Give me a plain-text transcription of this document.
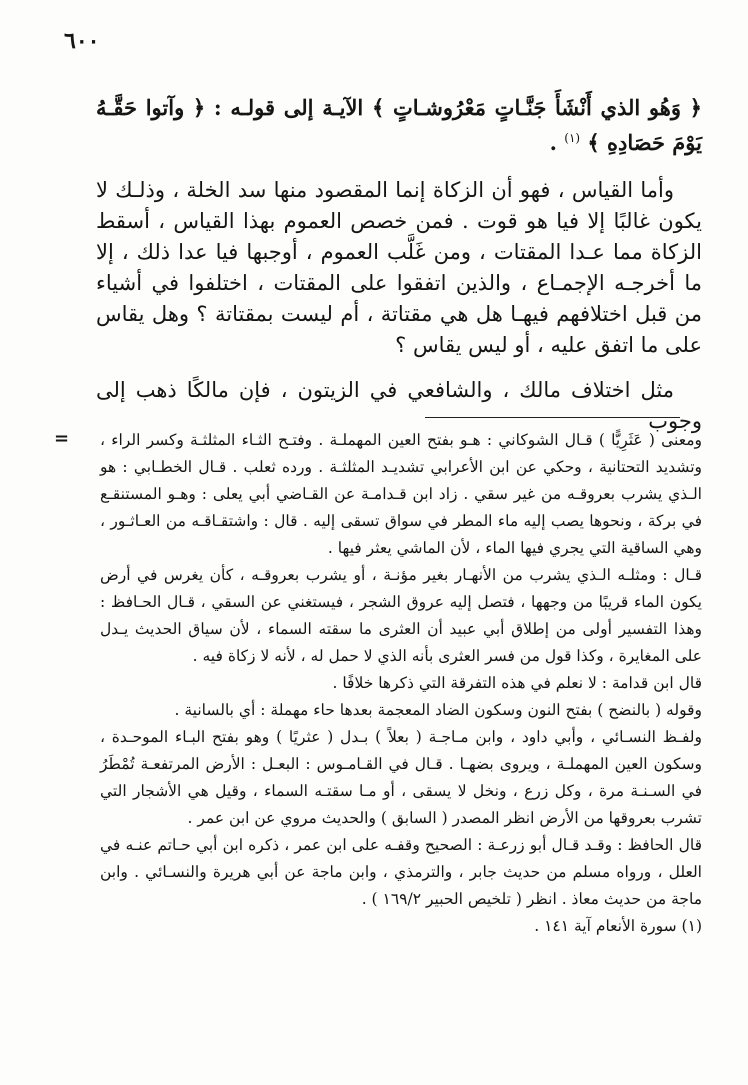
٦٠٠

﴿ وَهُو الذي أَنْشَأَ جَنَّـاتٍ مَعْرُوشـاتٍ ﴾ الآيـة إلى قولـه : ﴿ وآتوا حَقَّـهُ يَوْمَ حَصَادِهِ ﴾ $^{(١)}$ .

وأما القياس ، فهو أن الزكاة إنما المقصود منها سد الخلة ، وذلـك لا يكون غالبًا إلا فيا هو قوت . فمن خصص العموم بهذا القياس ، أسقط الزكاة مما عـدا المقتات ، ومن غَلَّب العموم ، أوجبها فيا عدا ذلك ، إلا ما أخرجـه الإجمـاع ، والذين اتفقوا على المقتات ، اختلفوا في أشياء من قبل اختلافهم فيهـا هل هي مقتاتة ، أم ليست بمقتاتة ؟ وهل يقاس على ما اتفق عليه ، أو ليس يقاس ؟

مثل اختلاف مالك ، والشافعي في الزيتون ، فإن مالكًا ذهب إلى وجوب

= ومعنى ( عَثَرِيًّا ) قـال الشوكاني : هـو بفتح العين المهملـة . وفتـح الثـاء المثلثـة وكسر الراء ، وتشديد التحتانية ، وحكي عن ابن الأعرابي تشديـد المثلثـة . ورده ثعلب . قـال الخطـابي : هو الـذي يشرب بعروقـه من غير سقي . زاد ابن قـدامـة عن القـاضي أبي يعلى : وهـو المستنقـع في بركة ، ونحوها يصب إليه ماء المطر في سواق تسقى إليه . قال : واشتقـاقـه من العـاثـور ، وهي الساقية التي يجري فيها الماء ، لأن الماشي يعثر فيها .

قـال : ومثلـه الـذي يشرب من الأنهـار بغير مؤنـة ، أو يشرب بعروقـه ، كأن يغرس في أرض يكون الماء قريبًا من وجهها ، فتصل إليه عروق الشجر ، فيستغني عن السقي ، قـال الحـافظ : وهذا التفسير أولى من إطلاق أبي عبيد أن العثرى ما سقته السماء ، لأن سياق الحديث يـدل على المغايرة ، وكذا قول من فسر العثرى بأنه الذي لا حمل له ، لأنه لا زكاة فيه .

قال ابن قدامة : لا نعلم في هذه التفرقة التي ذكرها خلافًا .

وقوله ( بالنضح ) بفتح النون وسكون الضاد المعجمة بعدها حاء مهملة : أي بالسانية .

ولفـظ النسـائي ، وأبي داود ، وابن مـاجـة ( بعلاً ) بـدل ( عثريًا ) وهو بفتح البـاء الموحـدة ، وسكون العين المهملـة ، ويروى بضهـا . قـال في القـامـوس : البعـل : الأرض المرتفعـة تُمْطَرُ في السـنـة مرة ، وكل زرع ، ونخل لا يسقى ، أو مـا سقتـه السماء ، وقيل هي الأشجار التي تشرب بعروقها من الأرض انظر المصدر ( السابق ) والحديث مروي عن ابن عمر .

قال الحافظ : وقـد قـال أبو زرعـة : الصحيح وقفـه على ابن عمر ، ذكره ابن أبي حـاتم عنـه في العلل ، ورواه مسلم من حديث جابر ، والترمذي ، وابن ماجة عن أبي هريرة والنسـائي . وابن ماجة من حديث معاذ . انظر ( تلخيص الحبير ١٦٩/٢ ) .

(١) سورة الأنعام آية ١٤١ .
